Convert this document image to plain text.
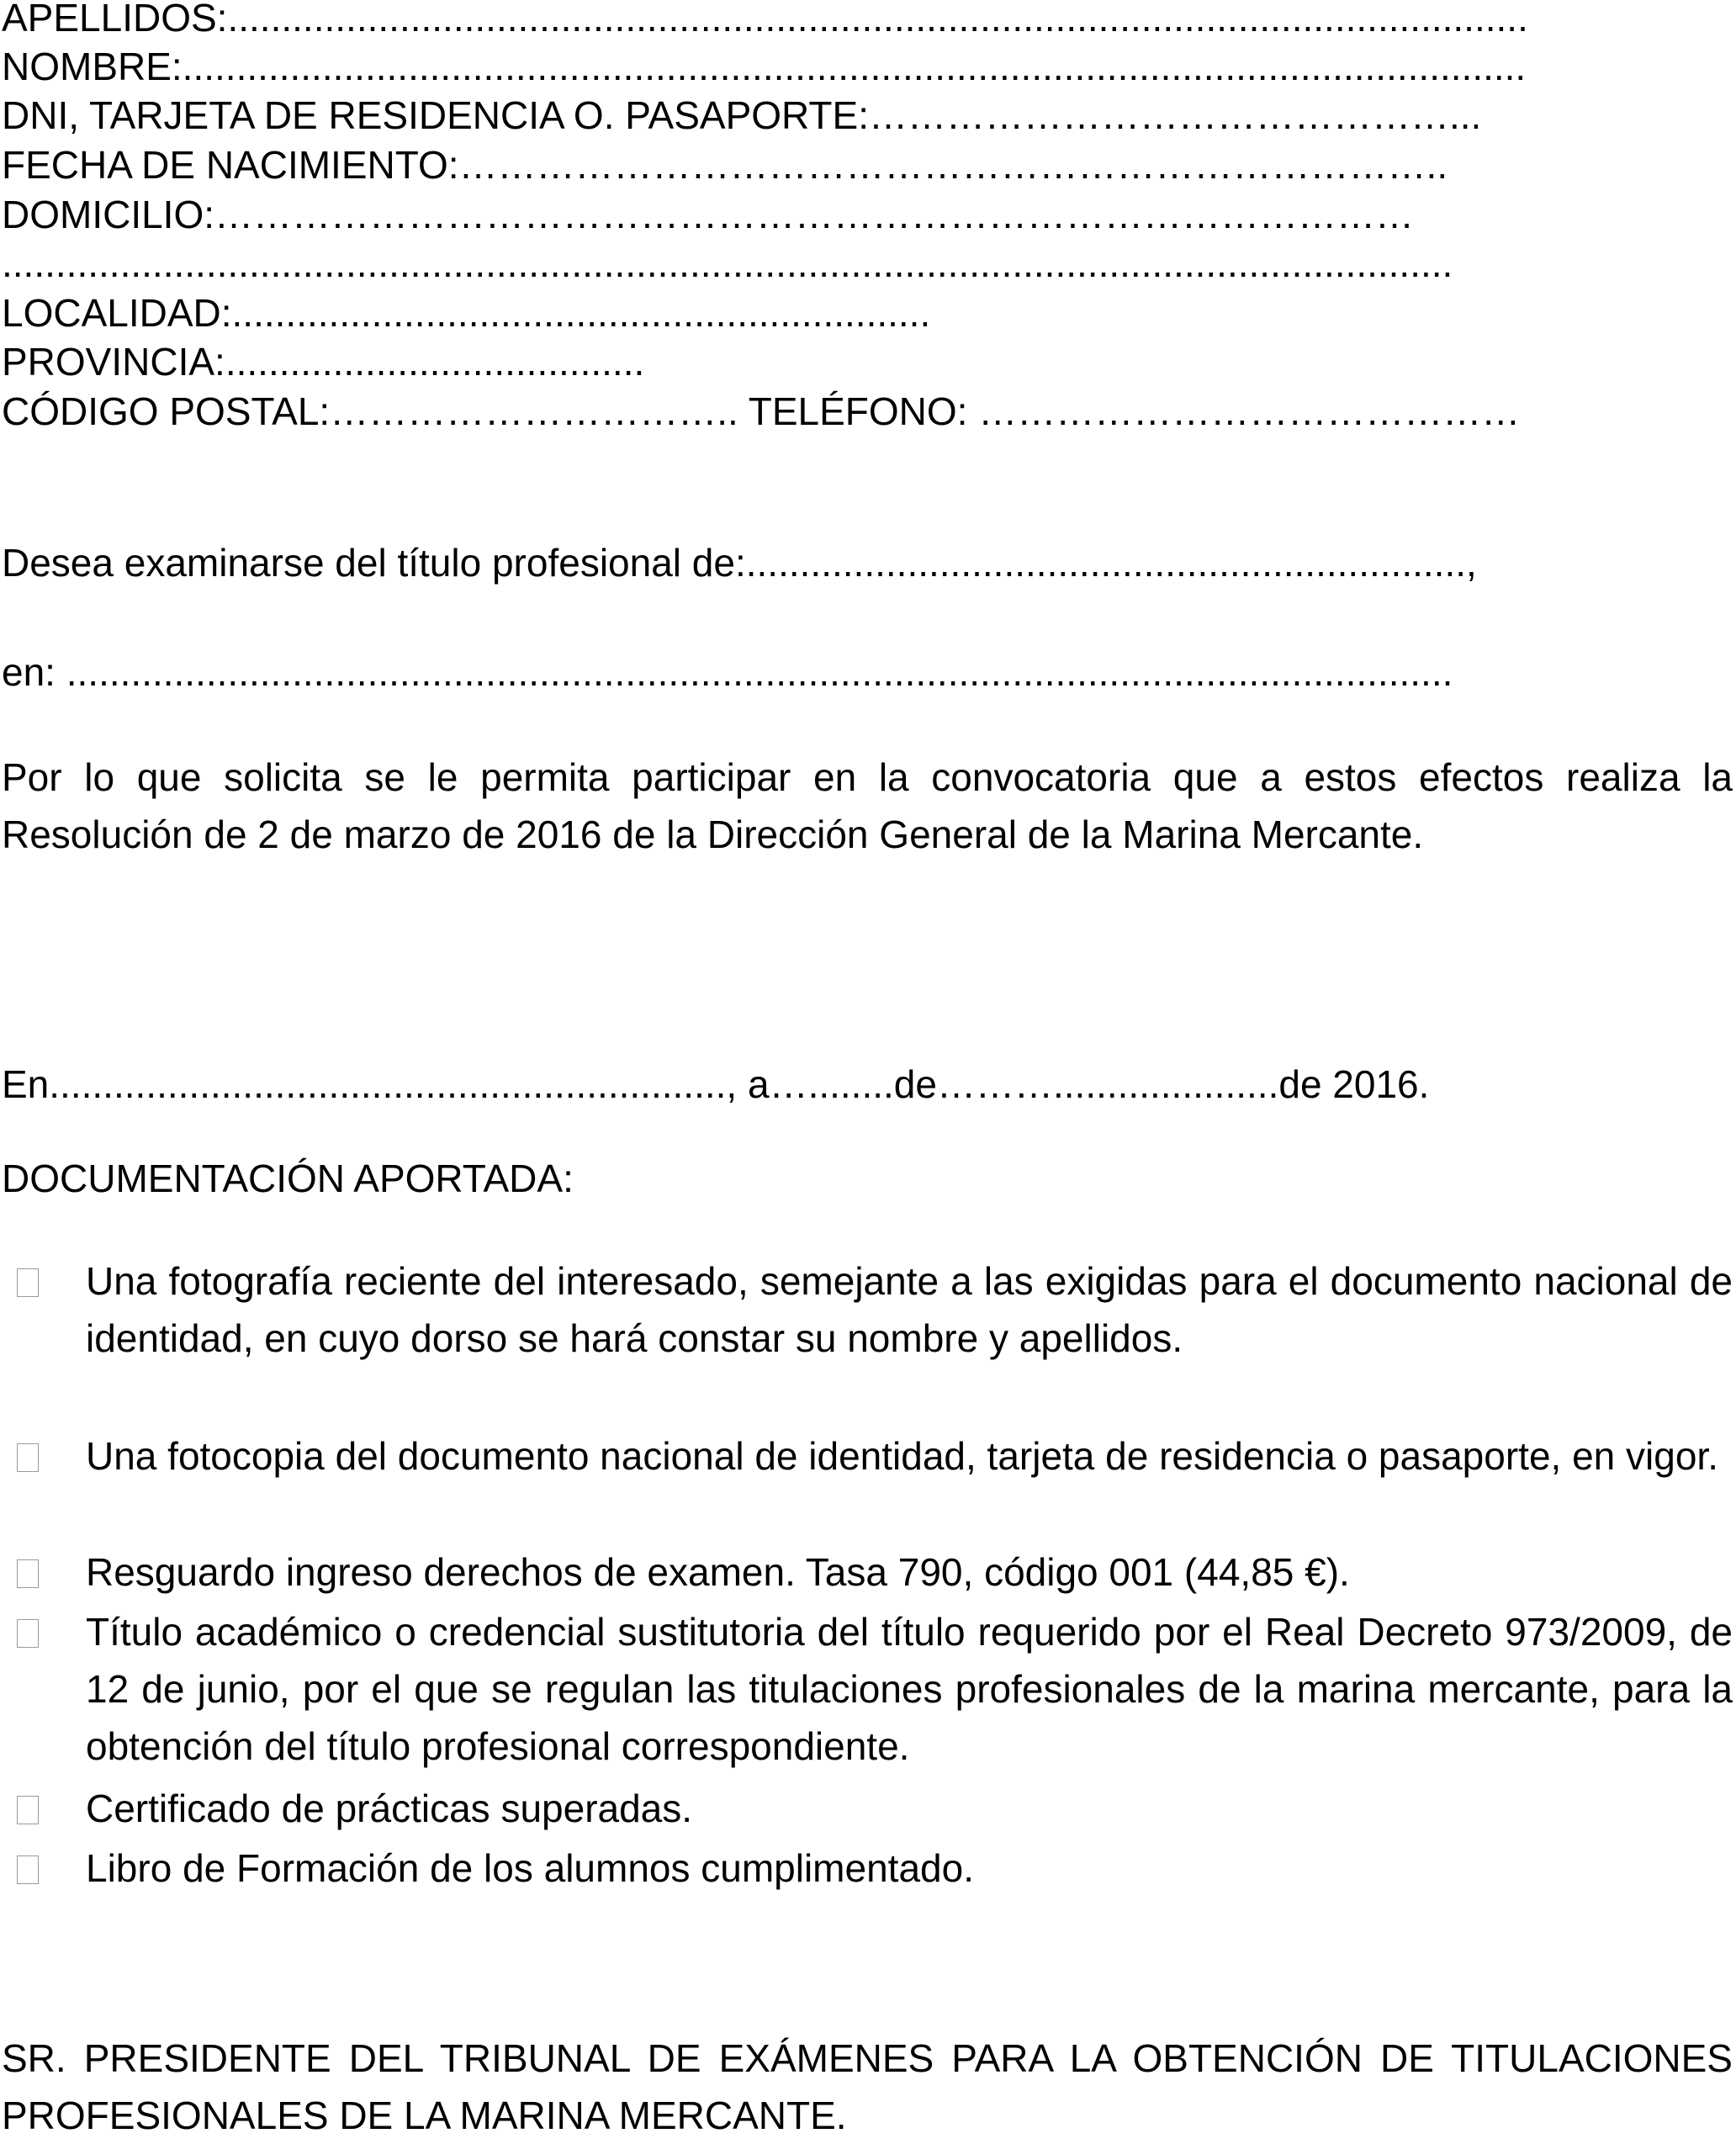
APELLIDOS:.........................................................................................................................

NOMBRE:.............................................................................................................................

DNI, TARJETA DE RESIDENCIA O. PASAPORTE:………………………………………...

FECHA DE NACIMIENTO:…………………………………………………………………..

DOMICILIO:…………………………………………………………………………………

.......................................................................................................................................

LOCALIDAD:.................................................................

PROVINCIA:.......................................

CÓDIGO POSTAL:………………………….. TELÉFONO: ……………………………………

Desea examinarse del título profesional de:...................................................................,

en: .................................................................................................................................

Por lo que solicita se le permita participar en la convocatoria que a estos efectos realiza la Resolución de 2 de marzo de 2016 de la Dirección General de la Marina Mercante.

En..............................................................., a…........de……….....................de 2016.

DOCUMENTACIÓN APORTADA:

Una fotografía reciente del interesado, semejante a las exigidas para el documento nacional de identidad, en cuyo dorso se hará constar su nombre y apellidos.

Una fotocopia del documento nacional de identidad, tarjeta de residencia o pasaporte, en vigor.

Resguardo ingreso derechos de examen. Tasa 790, código 001 (44,85 €).

Título académico o credencial sustitutoria del título requerido por el Real Decreto 973/2009, de 12 de junio, por el que se regulan las titulaciones profesionales de la marina mercante, para la obtención del título profesional correspondiente.

Certificado de prácticas superadas.

Libro de Formación de los alumnos cumplimentado.

SR. PRESIDENTE DEL TRIBUNAL DE EXÁMENES PARA LA OBTENCIÓN DE TITULACIONES PROFESIONALES DE LA MARINA MERCANTE.
